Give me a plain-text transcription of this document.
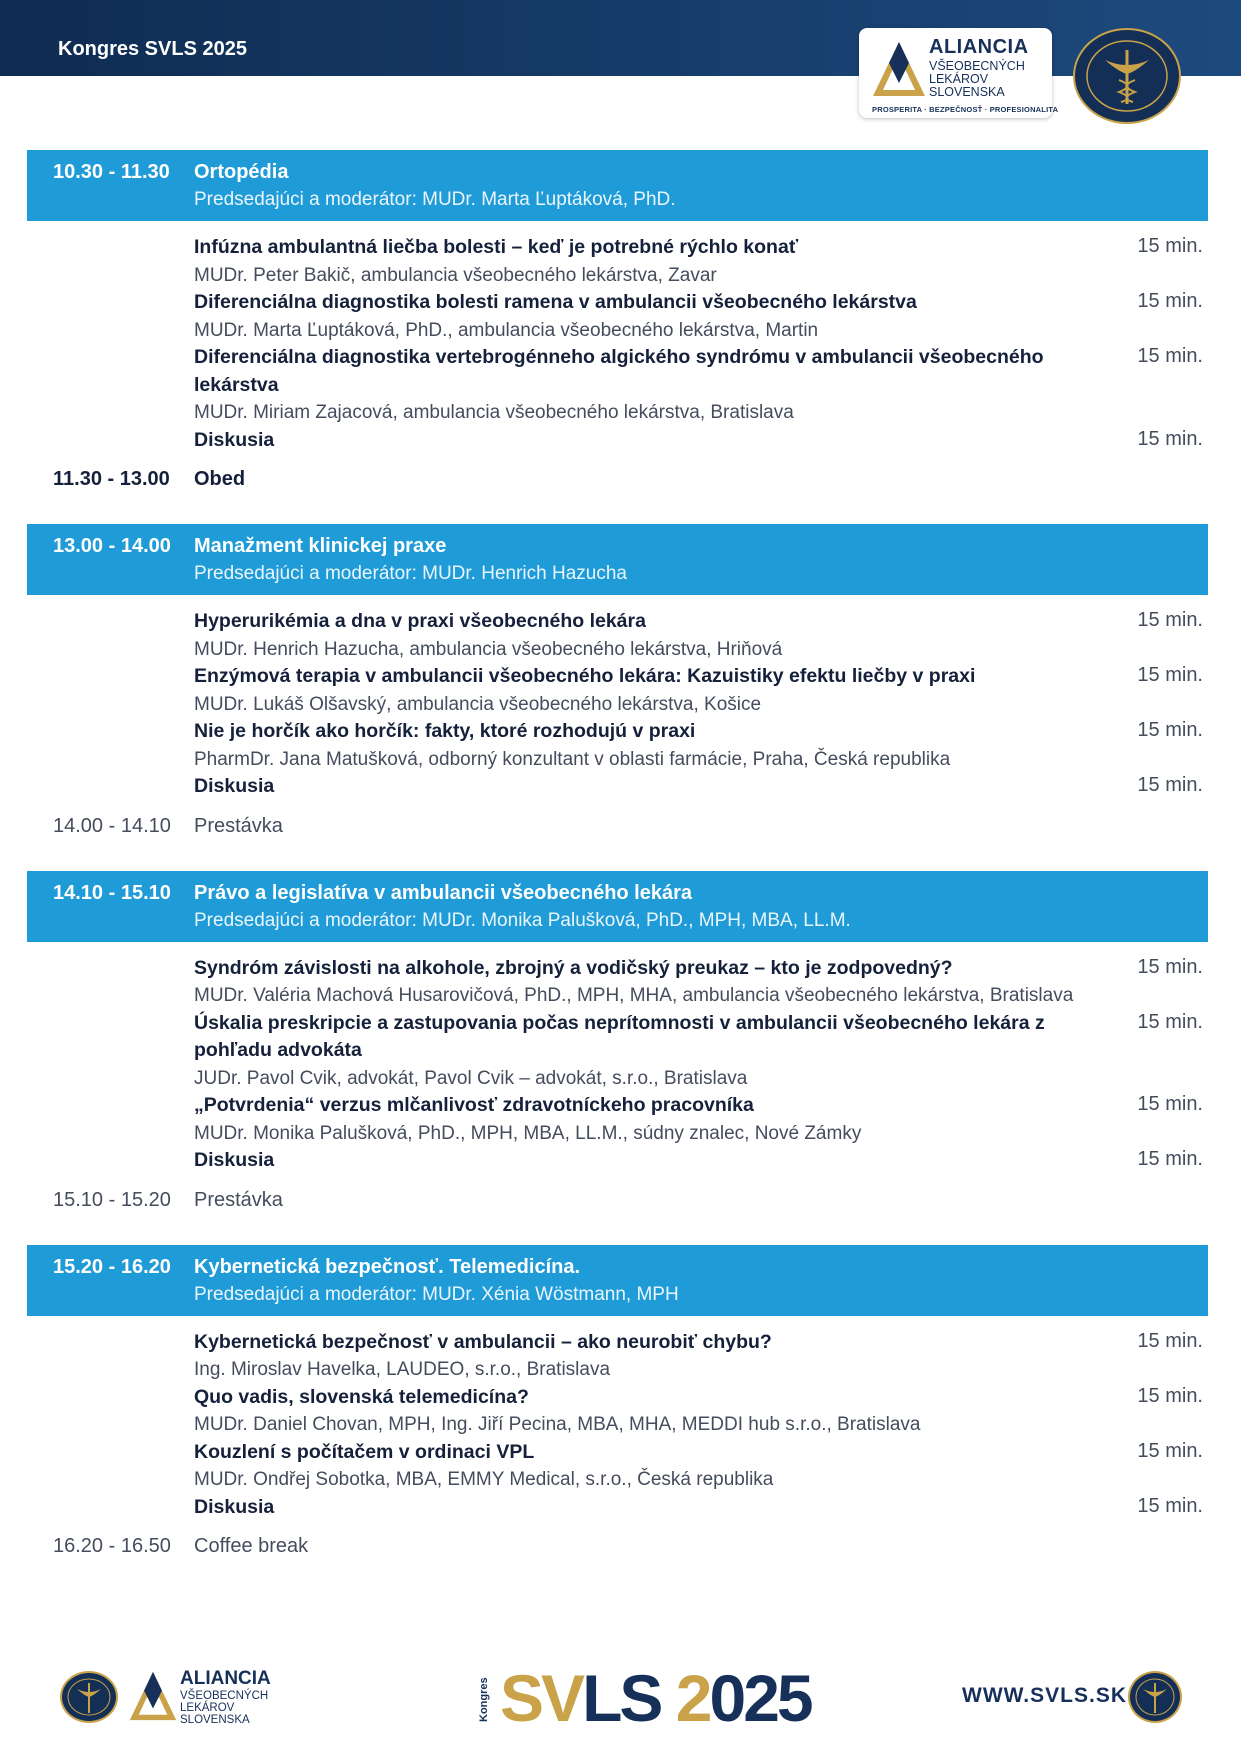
Kongres SVLS 2025	ALIANCIA
VŠEOBECNÝCH
LEKÁROV
SLOVENSKA
PROSPERITA · BEZPEČNOSŤ · PROFESIONALITA
10.30 - 11.30 Ortopédia
Predsedajúci a moderátor: MUDr. Marta Ľuptáková, PhD.
Infúzna ambulantná liečba bolesti – keď je potrebné rýchlo konať
MUDr. Peter Bakič, ambulancia všeobecného lekárstva, Zavar
15 min.
Diferenciálna diagnostika bolesti ramena v ambulancii všeobecného lekárstva
MUDr. Marta Ľuptáková, PhD., ambulancia všeobecného lekárstva, Martin
15 min.
Diferenciálna diagnostika vertebrogénneho algického syndrómu v ambulancii všeobecného lekárstva
MUDr. Miriam Zajacová, ambulancia všeobecného lekárstva, Bratislava
15 min.
Diskusia	15 min.
11.30 - 13.00 Obed
13.00 - 14.00 Manažment klinickej praxe
Predsedajúci a moderátor: MUDr. Henrich Hazucha
Hyperurikémia a dna v praxi všeobecného lekára
MUDr. Henrich Hazucha, ambulancia všeobecného lekárstva, Hriňová
15 min.
Enzýmová terapia v ambulancii všeobecného lekára: Kazuistiky efektu liečby v praxi
MUDr. Lukáš Olšavský, ambulancia všeobecného lekárstva, Košice
15 min.
Nie je horčík ako horčík: fakty, ktoré rozhodujú v praxi
PharmDr. Jana Matušková, odborný konzultant v oblasti farmácie, Praha, Česká republika
15 min.
Diskusia	15 min.
14.00 - 14.10 Prestávka
14.10 - 15.10 Právo a legislatíva v ambulancii všeobecného lekára
Predsedajúci a moderátor: MUDr. Monika Palušková, PhD., MPH, MBA, LL.M.
Syndróm závislosti na alkohole, zbrojný a vodičský preukaz – kto je zodpovedný?
MUDr. Valéria Machová Husarovičová, PhD., MPH, MHA, ambulancia všeobecného lekárstva, Bratislava
15 min.
Úskalia preskripcie a zastupovania počas neprítomnosti v ambulancii všeobecného lekára z pohľadu advokáta
JUDr. Pavol Cvik, advokát, Pavol Cvik – advokát, s.r.o., Bratislava
15 min.
„Potvrdenia“ verzus mlčanlivosť zdravotníckeho pracovníka
MUDr. Monika Palušková, PhD., MPH, MBA, LL.M., súdny znalec, Nové Zámky
15 min.
Diskusia	15 min.
15.10 - 15.20 Prestávka
15.20 - 16.20 Kybernetická bezpečnosť. Telemedicína.
Predsedajúci a moderátor: MUDr. Xénia Wöstmann, MPH
Kybernetická bezpečnosť v ambulancii – ako neurobiť chybu?
Ing. Miroslav Havelka, LAUDEO, s.r.o., Bratislava
15 min.
Quo vadis, slovenská telemedicína?
MUDr. Daniel Chovan, MPH, Ing. Jiří Pecina, MBA, MHA, MEDDI hub s.r.o., Bratislava
15 min.
Kouzlení s počítačem v ordinaci VPL
MUDr. Ondřej Sobotka, MBA, EMMY Medical, s.r.o., Česká republika
15 min.
Diskusia	15 min.
16.20 - 16.50 Coffee break
ALIANCIA
VŠEOBECNÝCH
LEKÁROV
SLOVENSKA	Kongres SVLS 2025	WWW.SVLS.SK
